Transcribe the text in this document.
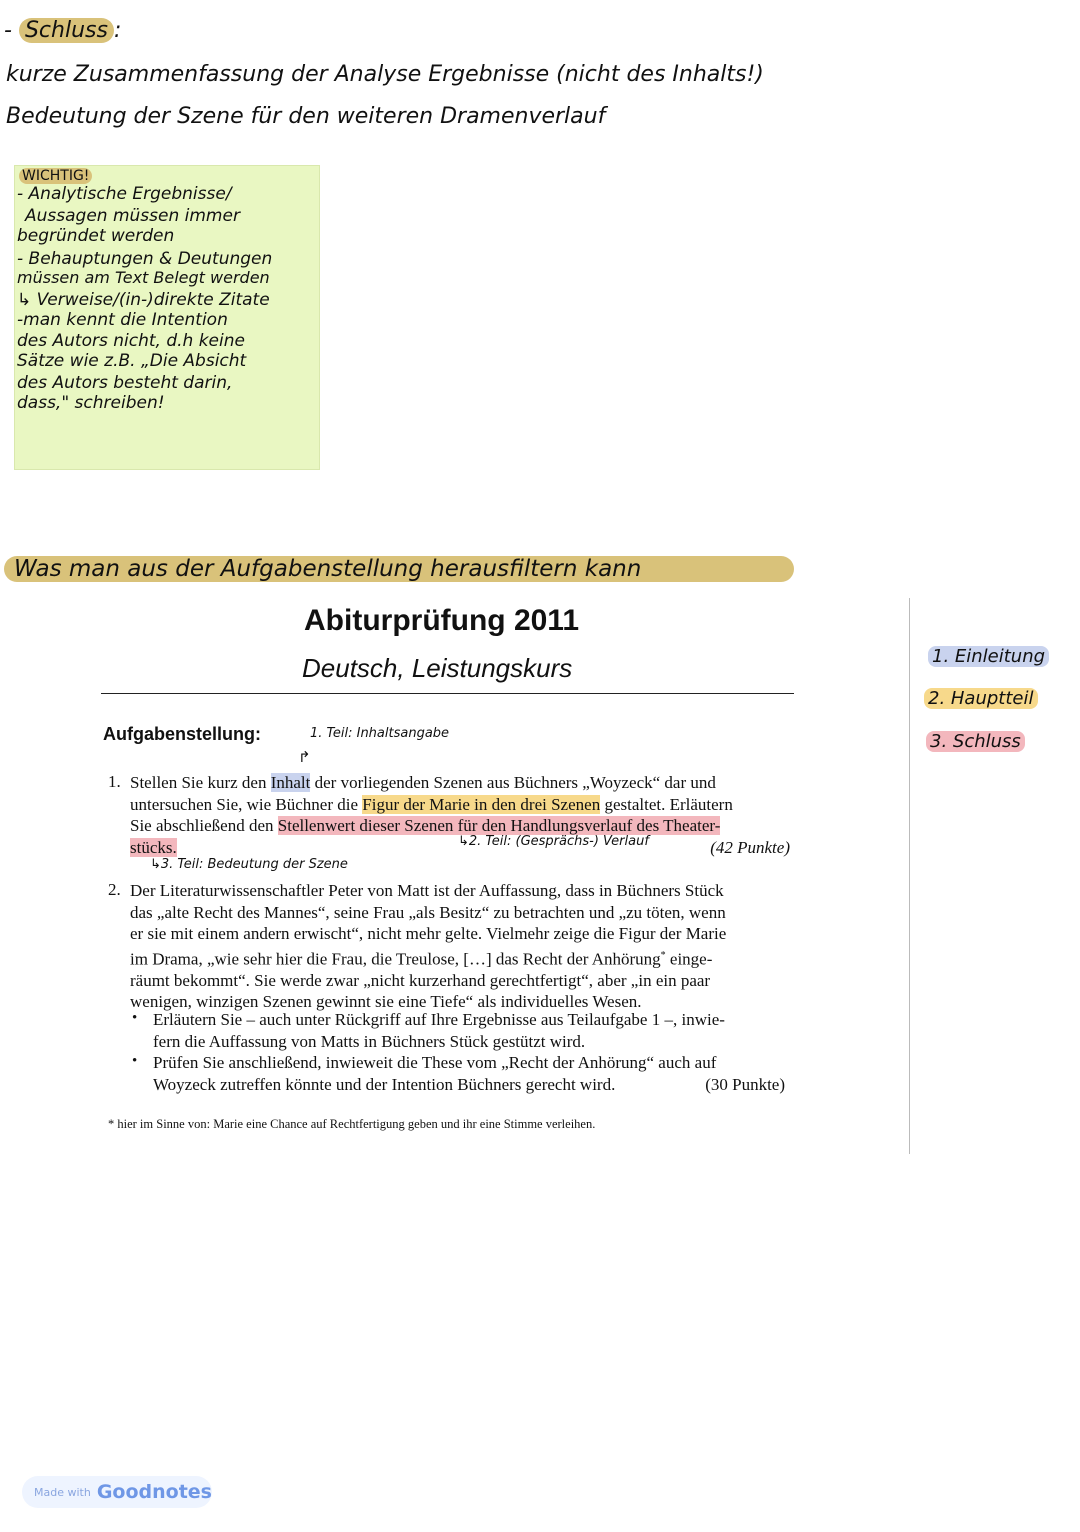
- Schluss :
kurze Zusammenfassung der Analyse Ergebnisse (nicht des Inhalts!)
Bedeutung der Szene für den weiteren Dramenverlauf
WICHTIG!
- Analytische Ergebnisse/
Aussagen müssen immer
begründet werden
- Behauptungen & Deutungen
müssen am Text Belegt werden
↳ Verweise/(in-)direkte Zitate
-man kennt die Intention
des Autors nicht, d.h keine
Sätze wie z.B. „Die Absicht
des Autors besteht darin,
dass," schreiben!
Was man aus der Aufgabenstellung herausfiltern kann
Abiturprüfung 2011
Deutsch, Leistungskurs
Aufgabenstellung:	1. Teil: Inhaltsangabe
↱
1. Stellen Sie kurz den Inhalt der vorliegenden Szenen aus Büchners „Woyzeck“ dar und
untersuchen Sie, wie Büchner die Figur der Marie in den drei Szenen gestaltet. Erläutern
Sie abschließend den Stellenwert dieser Szenen für den Handlungsverlauf des Theater-
stücks.	(42 Punkte)
↳2. Teil: (Gesprächs-) Verlauf
↳3. Teil: Bedeutung der Szene
2. Der Literaturwissenschaftler Peter von Matt ist der Auffassung, dass in Büchners Stück
das „alte Recht des Mannes“, seine Frau „als Besitz“ zu betrachten und „zu töten, wenn
er sie mit einem andern erwischt“, nicht mehr gelte. Vielmehr zeige die Figur der Marie
im Drama, „wie sehr hier die Frau, die Treulose, […] das Recht der Anhörung* einge-
räumt bekommt“. Sie werde zwar „nicht kurzerhand gerechtfertigt“, aber „in ein paar
wenigen, winzigen Szenen gewinnt sie eine Tiefe“ als individuelles Wesen.
• Erläutern Sie – auch unter Rückgriff auf Ihre Ergebnisse aus Teilaufgabe 1 –, inwie-
fern die Auffassung von Matts in Büchners Stück gestützt wird.
• Prüfen Sie anschließend, inwieweit die These vom „Recht der Anhörung“ auch auf
Woyzeck zutreffen könnte und der Intention Büchners gerecht wird.	(30 Punkte)
* hier im Sinne von: Marie eine Chance auf Rechtfertigung geben und ihr eine Stimme verleihen.
1. Einleitung
2. Hauptteil
3. Schluss
Made with Goodnotes
